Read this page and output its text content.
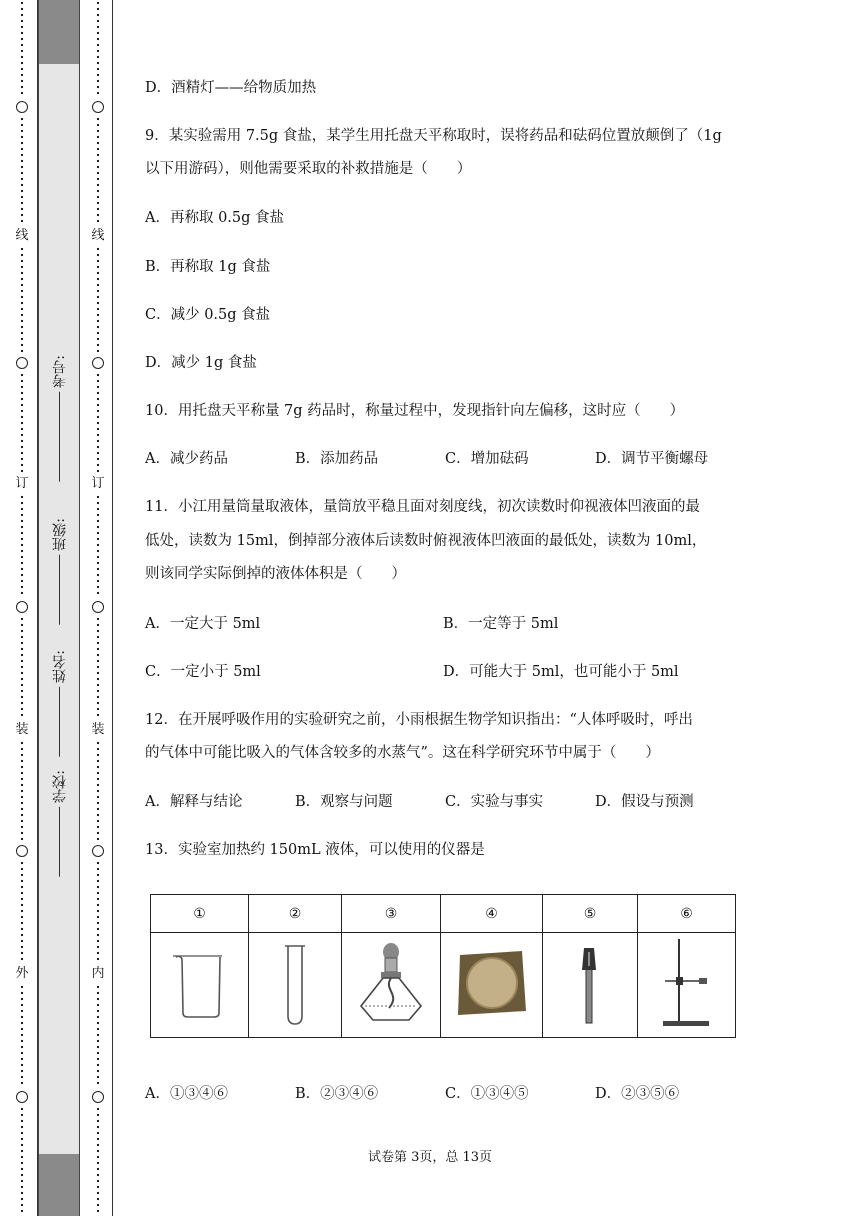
线
订
装
外
学校:
姓名:
班级:
考号:
线
订
装
内
D．酒精灯——给物质加热
9．某实验需用 7.5g 食盐，某学生用托盘天平称取时，误将药品和砝码位置放颠倒了（1g
以下用游码），则他需要采取的补救措施是（　　）
A．再称取 0.5g 食盐
B．再称取 1g 食盐
C．减少 0.5g 食盐
D．减少 1g 食盐
10．用托盘天平称量 7g 药品时，称量过程中，发现指针向左偏移，这时应（　　）
A．减少药品	B．添加药品	C．增加砝码	D．调节平衡螺母
11．小江用量筒量取液体，量筒放平稳且面对刻度线，初次读数时仰视液体凹液面的最
低处，读数为 15ml，倒掉部分液体后读数时俯视液体凹液面的最低处，读数为 10ml，
则该同学实际倒掉的液体体积是（　　）
A．一定大于 5ml	B．一定等于 5ml
C．一定小于 5ml	D．可能大于 5ml，也可能小于 5ml
12．在开展呼吸作用的实验研究之前，小雨根据生物学知识指出：“人体呼吸时，呼出
的气体中可能比吸入的气体含较多的水蒸气”。这在科学研究环节中属于（　　）
A．解释与结论	B．观察与问题	C．实验与事实	D．假设与预测
13．实验室加热约 150mL 液体，可以使用的仪器是
A．①③④⑥	B．②③④⑥	C．①③④⑤	D．②③⑤⑥
①	②	③	④	⑤	⑥

试卷第 3页，总 13页
